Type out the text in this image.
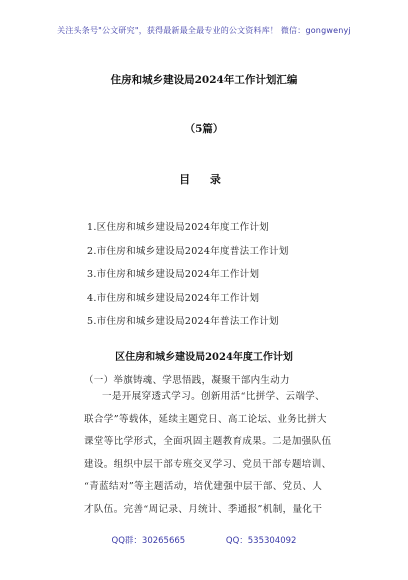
关注头条号"公文研究"，获得最新最全最专业的公文资料库！ 微信：gongwenyj
住房和城乡建设局2024年工作计划汇编
（5篇）
目 录
1.区住房和城乡建设局2024年度工作计划
2.市住房和城乡建设局2024年度普法工作计划
3.市住房和城乡建设局2024年工作计划
4.市住房和城乡建设局2024年工作计划
5.市住房和城乡建设局2024年普法工作计划
区住房和城乡建设局2024年度工作计划
（一）举旗铸魂、学思悟践，凝聚干部内生动力
一是开展穿透式学习。创新用活“比拼学、云端学、
联合学”等载体，延续主题党日、高工论坛、业务比拼大
课堂等比学形式，全面巩固主题教育成果。二是加强队伍
建设。组织中层干部专班交叉学习、党员干部专题培训、
“青蓝结对”等主题活动，培优建强中层干部、党员、人
才队伍。完善“周记录、月统计、季通报”机制，量化干
QQ群：30265665	QQ：535304092
